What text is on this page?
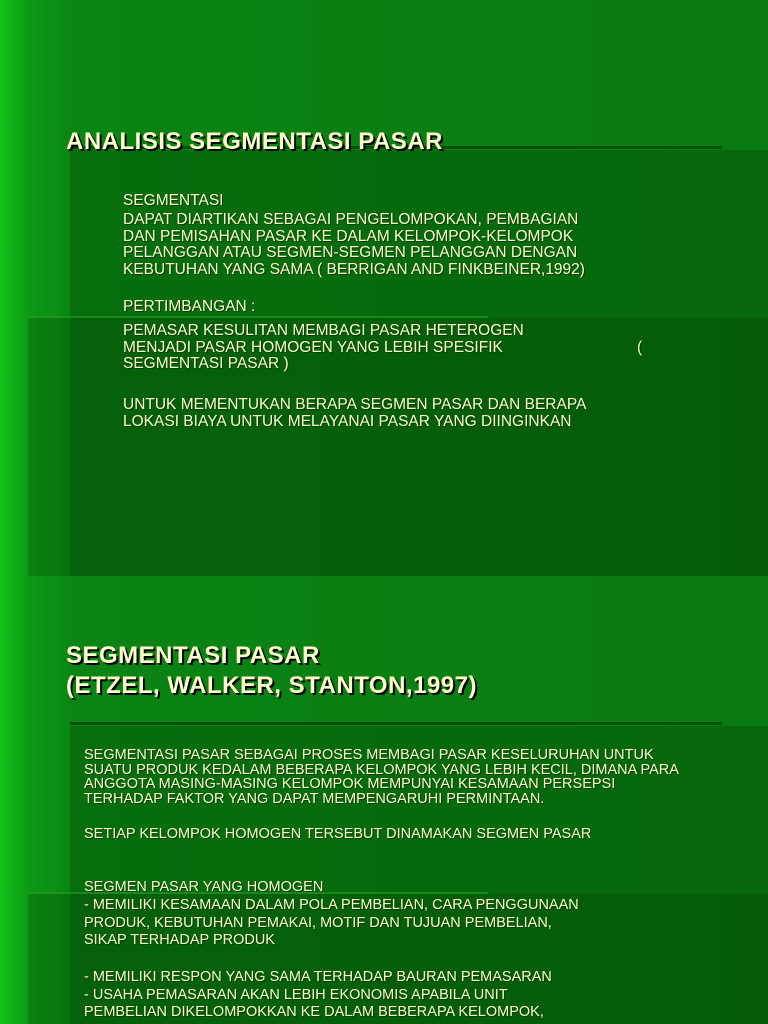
ANALISIS SEGMENTASI PASAR

SEGMENTASI

DAPAT DIARTIKAN SEBAGAI PENGELOMPOKAN, PEMBAGIAN
DAN PEMISAHAN PASAR KE DALAM KELOMPOK-KELOMPOK
PELANGGAN ATAU SEGMEN-SEGMEN PELANGGAN DENGAN
KEBUTUHAN YANG SAMA ( BERRIGAN AND FINKBEINER,1992)

PERTIMBANGAN :

PEMASAR KESULITAN MEMBAGI PASAR HETEROGEN

MENJADI PASAR HOMOGEN YANG LEBIH SPESIFIK	(

SEGMENTASI PASAR )

UNTUK MEMENTUKAN BERAPA SEGMEN PASAR DAN BERAPA
LOKASI BIAYA UNTUK MELAYANAI PASAR YANG DIINGINKAN

SEGMENTASI PASAR
(ETZEL, WALKER, STANTON,1997)

SEGMENTASI PASAR SEBAGAI PROSES MEMBAGI PASAR KESELURUHAN UNTUK
SUATU PRODUK KEDALAM BEBERAPA KELOMPOK YANG LEBIH KECIL, DIMANA PARA
ANGGOTA MASING-MASING KELOMPOK MEMPUNYAI KESAMAAN PERSEPSI
TERHADAP FAKTOR YANG DAPAT MEMPENGARUHI PERMINTAAN.

SETIAP KELOMPOK HOMOGEN TERSEBUT DINAMAKAN SEGMEN PASAR

SEGMEN PASAR YANG HOMOGEN

- MEMILIKI KESAMAAN DALAM POLA PEMBELIAN, CARA PENGGUNAAN
PRODUK, KEBUTUHAN PEMAKAI, MOTIF DAN TUJUAN PEMBELIAN,
SIKAP TERHADAP PRODUK

- MEMILIKI RESPON YANG SAMA TERHADAP BAURAN PEMASARAN
- USAHA PEMASARAN AKAN LEBIH EKONOMIS APABILA UNIT
PEMBELIAN DIKELOMPOKKAN KE DALAM BEBERAPA KELOMPOK,
